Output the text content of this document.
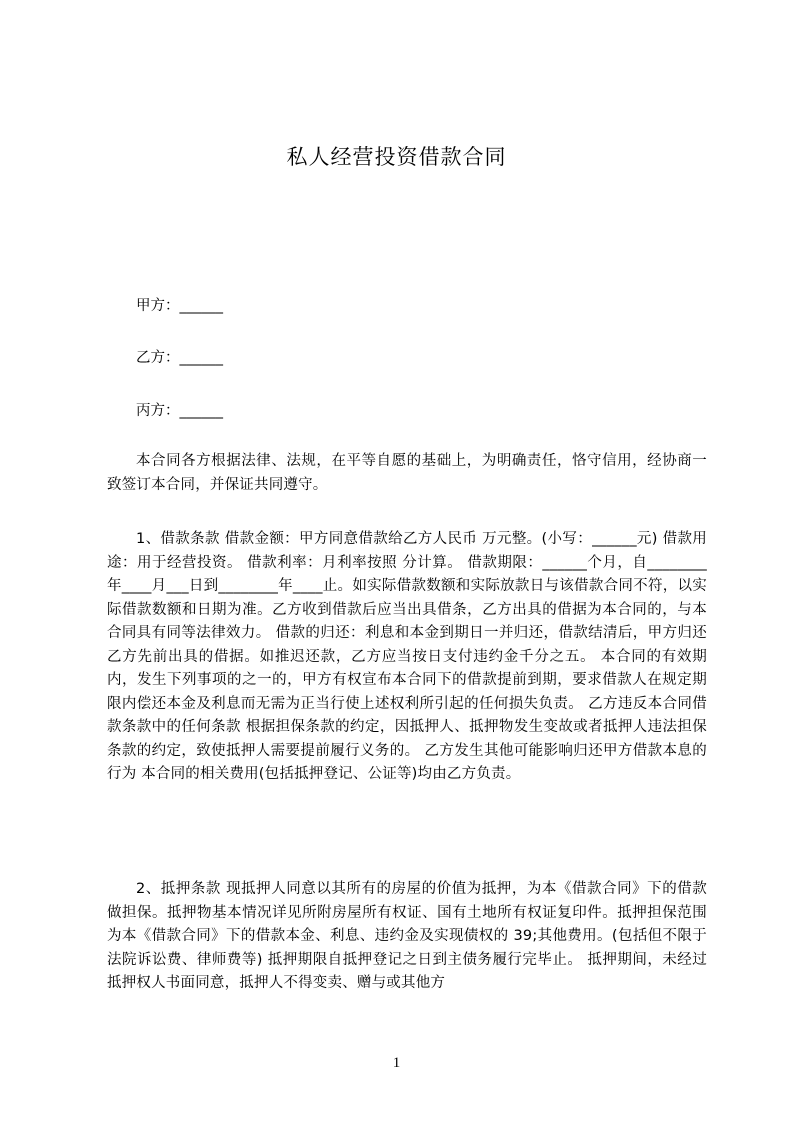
私人经营投资借款合同

甲方：______

乙方：______

丙方：______

本合同各方根据法律、法规，在平等自愿的基础上，为明确责任，恪守信用，经协商一致签订本合同，并保证共同遵守。

1、借款条款 借款金额：甲方同意借款给乙方人民币 万元整。(小写：______元) 借款用途：用于经营投资。 借款利率：月利率按照 分计算。 借款期限：______个月，自________年____月___日到________年____止。如实际借款数额和实际放款日与该借款合同不符，以实际借款数额和日期为准。乙方收到借款后应当出具借条，乙方出具的借据为本合同的，与本合同具有同等法律效力。 借款的归还：利息和本金到期日一并归还，借款结清后，甲方归还乙方先前出具的借据。如推迟还款，乙方应当按日支付违约金千分之五。 本合同的有效期内，发生下列事项的之一的，甲方有权宣布本合同下的借款提前到期，要求借款人在规定期限内偿还本金及利息而无需为正当行使上述权利所引起的任何损失负责。 乙方违反本合同借款条款中的任何条款 根据担保条款的约定，因抵押人、抵押物发生变故或者抵押人违法担保条款的约定，致使抵押人需要提前履行义务的。 乙方发生其他可能影响归还甲方借款本息的行为 本合同的相关费用(包括抵押登记、公证等)均由乙方负责。

2、抵押条款 现抵押人同意以其所有的房屋的价值为抵押，为本《借款合同》下的借款做担保。抵押物基本情况详见所附房屋所有权证、国有土地所有权证复印件。抵押担保范围为本《借款合同》下的借款本金、利息、违约金及实现债权的 39;其他费用。(包括但不限于法院诉讼费、律师费等) 抵押期限自抵押登记之日到主债务履行完毕止。 抵押期间，未经过抵押权人书面同意，抵押人不得变卖、赠与或其他方

1
